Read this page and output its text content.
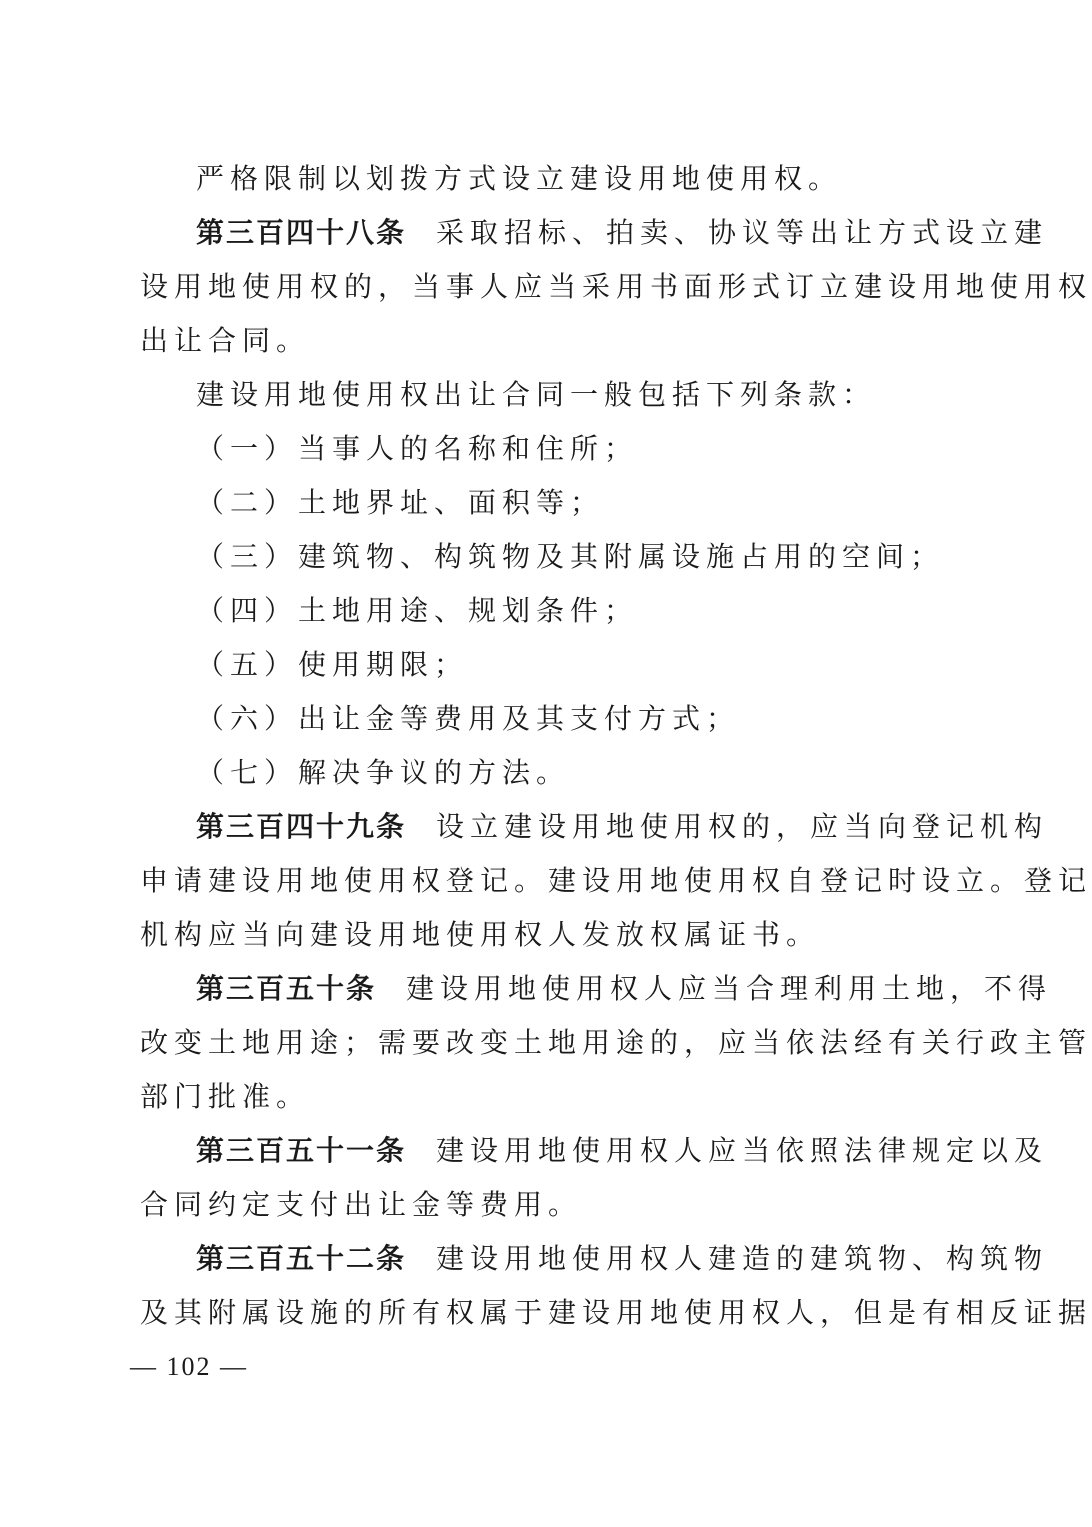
严格限制以划拨方式设立建设用地使用权。
第三百四十八条 采取招标、拍卖、协议等出让方式设立建
设用地使用权的，当事人应当采用书面形式订立建设用地使用权
出让合同。
建设用地使用权出让合同一般包括下列条款：
（一）当事人的名称和住所；
（二）土地界址、面积等；
（三）建筑物、构筑物及其附属设施占用的空间；
（四）土地用途、规划条件；
（五）使用期限；
（六）出让金等费用及其支付方式；
（七）解决争议的方法。
第三百四十九条 设立建设用地使用权的，应当向登记机构
申请建设用地使用权登记。建设用地使用权自登记时设立。登记
机构应当向建设用地使用权人发放权属证书。
第三百五十条 建设用地使用权人应当合理利用土地，不得
改变土地用途；需要改变土地用途的，应当依法经有关行政主管
部门批准。
第三百五十一条 建设用地使用权人应当依照法律规定以及
合同约定支付出让金等费用。
第三百五十二条 建设用地使用权人建造的建筑物、构筑物
及其附属设施的所有权属于建设用地使用权人，但是有相反证据
— 102 —
